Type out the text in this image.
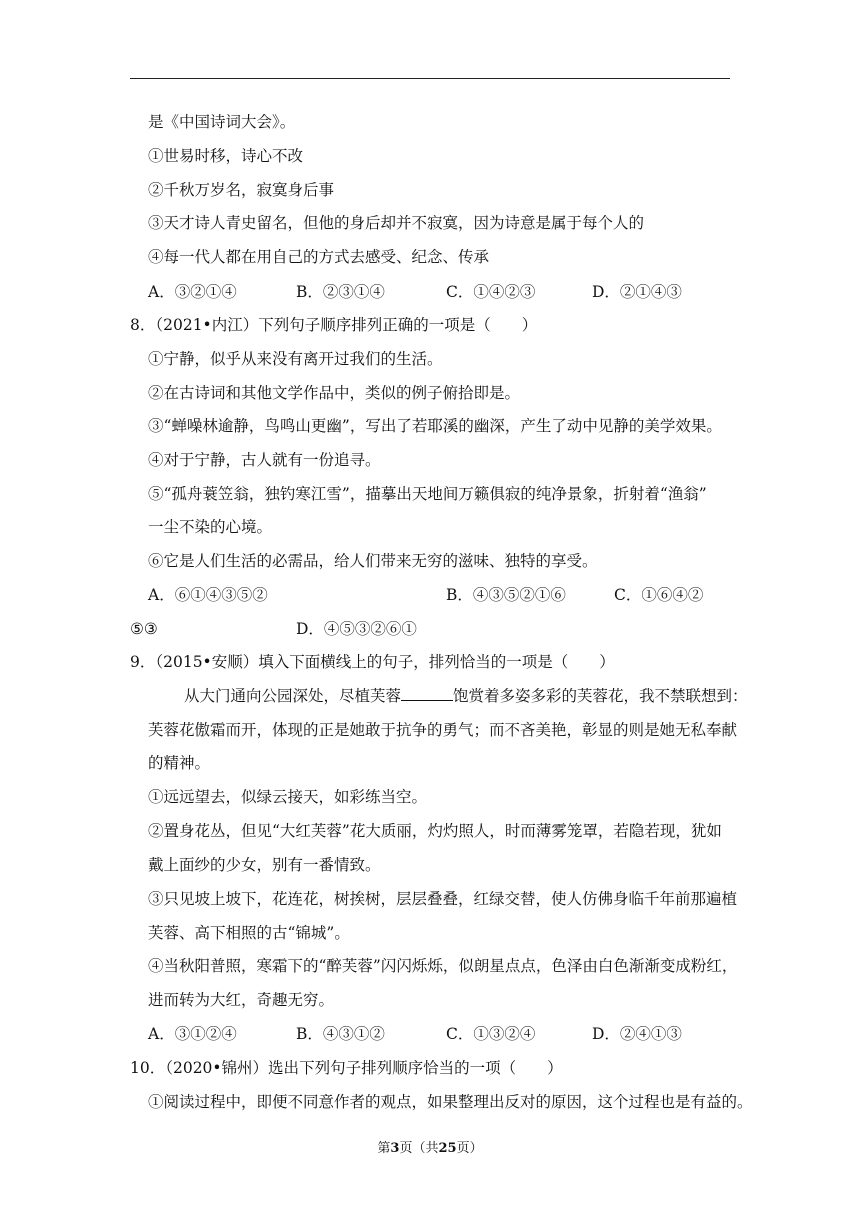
是《中国诗词大会》。
①世易时移，诗心不改
②千秋万岁名，寂寞身后事
③天才诗人青史留名，但他的身后却并不寂寞，因为诗意是属于每个人的
④每一代人都在用自己的方式去感受、纪念、传承
A．③②①④	B．②③①④	C．①④②③	D．②①④③
8．（2021•内江）下列句子顺序排列正确的一项是（　　）
①宁静，似乎从来没有离开过我们的生活。
②在古诗词和其他文学作品中，类似的例子俯拾即是。
③“蝉噪林逾静，鸟鸣山更幽”，写出了若耶溪的幽深，产生了动中见静的美学效果。
④对于宁静，古人就有一份追寻。
⑤“孤舟蓑笠翁，独钓寒江雪”，描摹出天地间万籁俱寂的纯净景象，折射着“渔翁”
一尘不染的心境。
⑥它是人们生活的必需品，给人们带来无穷的滋味、独特的享受。
A．⑥①④③⑤②	B．④③⑤②①⑥	C．①⑥④②
⑤③	D．④⑤③②⑥①
9．（2015•安顺）填入下面横线上的句子，排列恰当的一项是（　　）
从大门通向公园深处，尽植芙蓉	饱赏着多姿多彩的芙蓉花，我不禁联想到：
芙蓉花傲霜而开，体现的正是她敢于抗争的勇气；而不吝美艳，彰显的则是她无私奉献
的精神。
①远远望去，似绿云接天，如彩练当空。
②置身花丛，但见“大红芙蓉”花大质丽，灼灼照人，时而薄雾笼罩，若隐若现，犹如
戴上面纱的少女，别有一番情致。
③只见坡上坡下，花连花，树挨树，层层叠叠，红绿交替，使人仿佛身临千年前那遍植
芙蓉、高下相照的古“锦城”。
④当秋阳普照，寒霜下的“醉芙蓉”闪闪烁烁，似朗星点点，色泽由白色渐渐变成粉红，
进而转为大红，奇趣无穷。
A．③①②④	B．④③①②	C．①③②④	D．②④①③
10．（2020•锦州）选出下列句子排列顺序恰当的一项（　　）
①阅读过程中，即便不同意作者的观点，如果整理出反对的原因，这个过程也是有益的。
第3页（共25页）
